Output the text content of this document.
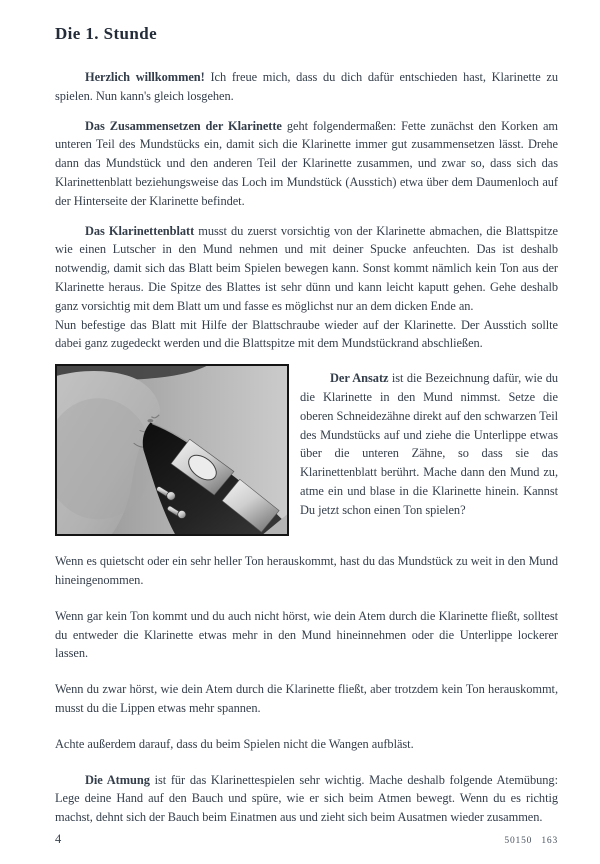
Die 1. Stunde

Herzlich willkommen! Ich freue mich, dass du dich dafür entschieden hast, Klarinette zu spielen. Nun kann's gleich losgehen.

Das Zusammensetzen der Klarinette geht folgendermaßen: Fette zunächst den Korken am unteren Teil des Mundstücks ein, damit sich die Klarinette immer gut zusammensetzen lässt. Drehe dann das Mundstück und den anderen Teil der Klarinette zusammen, und zwar so, dass sich das Klarinettenblatt beziehungsweise das Loch im Mundstück (Ausstich) etwa über dem Daumenloch auf der Hinterseite der Klarinette befindet.

Das Klarinettenblatt musst du zuerst vorsichtig von der Klarinette abmachen, die Blattspitze wie einen Lutscher in den Mund nehmen und mit deiner Spucke anfeuchten. Das ist deshalb notwendig, damit sich das Blatt beim Spielen bewegen kann. Sonst kommt nämlich kein Ton aus der Klarinette heraus. Die Spitze des Blattes ist sehr dünn und kann leicht kaputt gehen. Gehe deshalb ganz vorsichtig mit dem Blatt um und fasse es möglichst nur an dem dicken Ende an.

Nun befestige das Blatt mit Hilfe der Blattschraube wieder auf der Klarinette. Der Ausstich sollte dabei ganz zugedeckt werden und die Blattspitze mit dem Mundstückrand abschließen.

Der Ansatz ist die Bezeichnung dafür, wie du die Klarinette in den Mund nimmst. Setze die oberen Schneidezähne direkt auf den schwarzen Teil des Mundstücks auf und ziehe die Unterlippe etwas über die unteren Zähne, so dass sie das Klarinettenblatt berührt. Mache dann den Mund zu, atme ein und blase in die Klarinette hinein. Kannst Du jetzt schon einen Ton spielen?

Wenn es quietscht oder ein sehr heller Ton herauskommt, hast du das Mundstück zu weit in den Mund hineingenommen.

Wenn gar kein Ton kommt und du auch nicht hörst, wie dein Atem durch die Klarinette fließt, solltest du entweder die Klarinette etwas mehr in den Mund hineinnehmen oder die Unterlippe lockerer lassen.

Wenn du zwar hörst, wie dein Atem durch die Klarinette fließt, aber trotzdem kein Ton herauskommt, musst du die Lippen etwas mehr spannen.

Achte außerdem darauf, dass du beim Spielen nicht die Wangen aufbläst.

Die Atmung ist für das Klarinettespielen sehr wichtig. Mache deshalb folgende Atemübung: Lege deine Hand auf den Bauch und spüre, wie er sich beim Atmen bewegt. Wenn du es richtig machst, dehnt sich der Bauch beim Einatmen aus und zieht sich beim Ausatmen wieder zusammen.

4	50150 163
